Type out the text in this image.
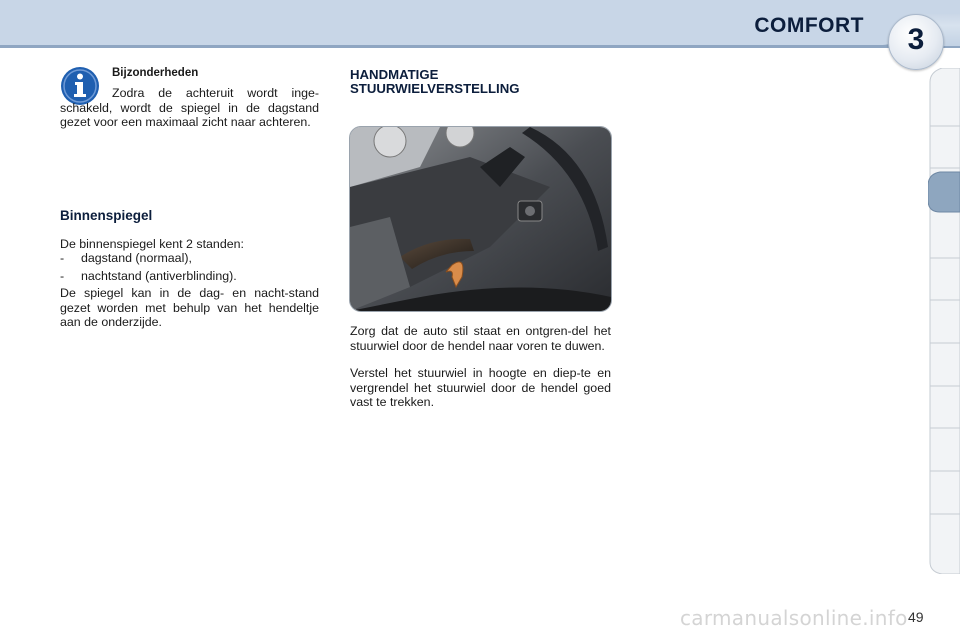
COMFORT	3
Bijzonderheden
Zodra de achteruit wordt inge-schakeld, wordt de spiegel in de dagstand gezet voor een maximaal zicht naar achteren.
Binnenspiegel
De binnenspiegel kent 2 standen:
- dagstand (normaal),
- nachtstand (antiverblinding).
De spiegel kan in de dag- en nacht-stand gezet worden met behulp van het hendeltje aan de onderzijde.
HANDMATIGE STUURWIELVERSTELLING
Zorg dat de auto stil staat en ontgren-del het stuurwiel door de hendel naar voren te duwen.
Verstel het stuurwiel in hoogte en diep-te en vergrendel het stuurwiel door de hendel goed vast te trekken.
49
carmanualsonline.info
